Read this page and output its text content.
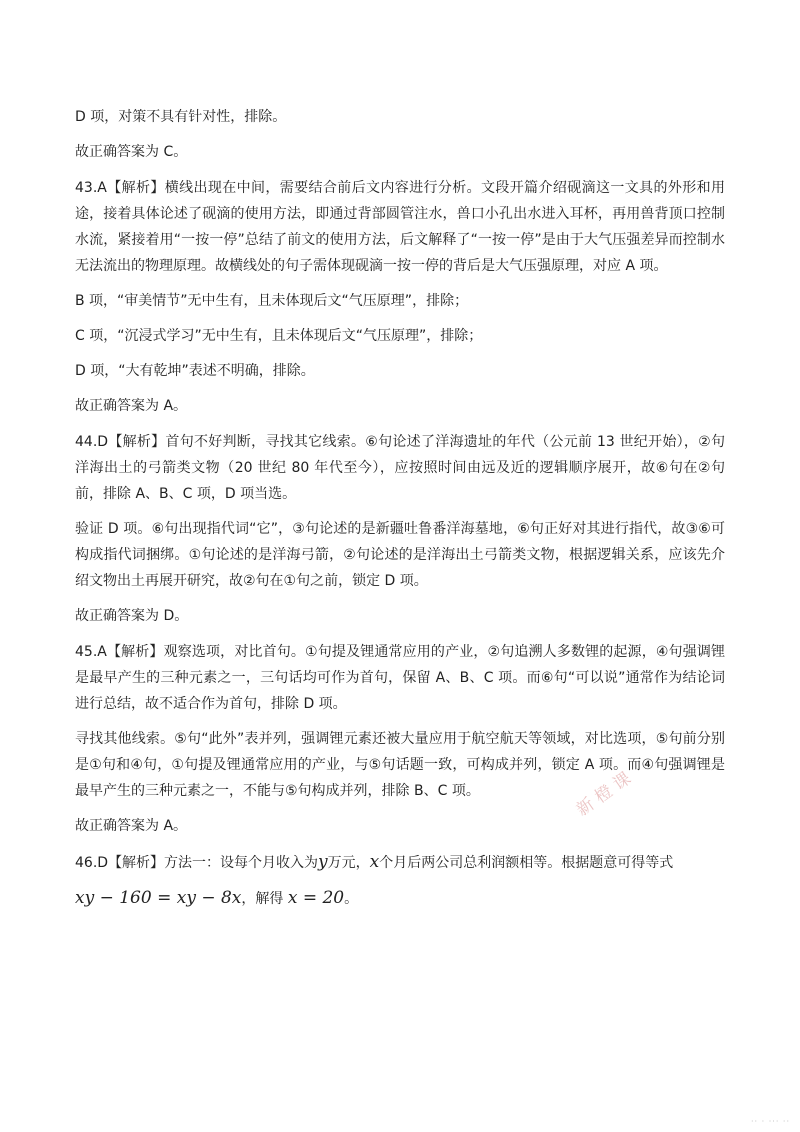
D 项，对策不具有针对性，排除。

故正确答案为 C。

43.A【解析】横线出现在中间，需要结合前后文内容进行分析。文段开篇介绍砚滴这一文具的外形和用途，接着具体论述了砚滴的使用方法，即通过背部圆管注水，兽口小孔出水进入耳杯，再用兽背顶口控制水流，紧接着用“一按一停”总结了前文的使用方法，后文解释了“一按一停”是由于大气压强差异而控制水无法流出的物理原理。故横线处的句子需体现砚滴一按一停的背后是大气压强原理，对应 A 项。

B 项，“审美情节”无中生有，且未体现后文“气压原理”，排除；

C 项，“沉浸式学习”无中生有，且未体现后文“气压原理”，排除；

D 项，“大有乾坤”表述不明确，排除。

故正确答案为 A。

44.D【解析】首句不好判断，寻找其它线索。⑥句论述了洋海遗址的年代（公元前 13 世纪开始），②句洋海出土的弓箭类文物（20 世纪 80 年代至今），应按照时间由远及近的逻辑顺序展开，故⑥句在②句前，排除 A、B、C 项，D 项当选。

验证 D 项。⑥句出现指代词“它”，③句论述的是新疆吐鲁番洋海墓地，⑥句正好对其进行指代，故③⑥可构成指代词捆绑。①句论述的是洋海弓箭，②句论述的是洋海出土弓箭类文物，根据逻辑关系，应该先介绍文物出土再展开研究，故②句在①句之前，锁定 D 项。

故正确答案为 D。

45.A【解析】观察选项，对比首句。①句提及锂通常应用的产业，②句追溯人多数锂的起源，④句强调锂是最早产生的三种元素之一，三句话均可作为首句，保留 A、B、C 项。而⑥句“可以说”通常作为结论词进行总结，故不适合作为首句，排除 D 项。

寻找其他线索。⑤句“此外”表并列，强调锂元素还被大量应用于航空航天等领域，对比选项，⑤句前分别是①句和④句，①句提及锂通常应用的产业，与⑤句话题一致，可构成并列，锁定 A 项。而④句强调锂是最早产生的三种元素之一，不能与⑤句构成并列，排除 B、C 项。

故正确答案为 A。

46.D【解析】方法一：设每个月收入为y万元，x个月后两公司总利润额相等。根据题意可得等式

xy − 160 = xy − 8x，解得 x = 20。

新 橙 课
·· · ··· ··
